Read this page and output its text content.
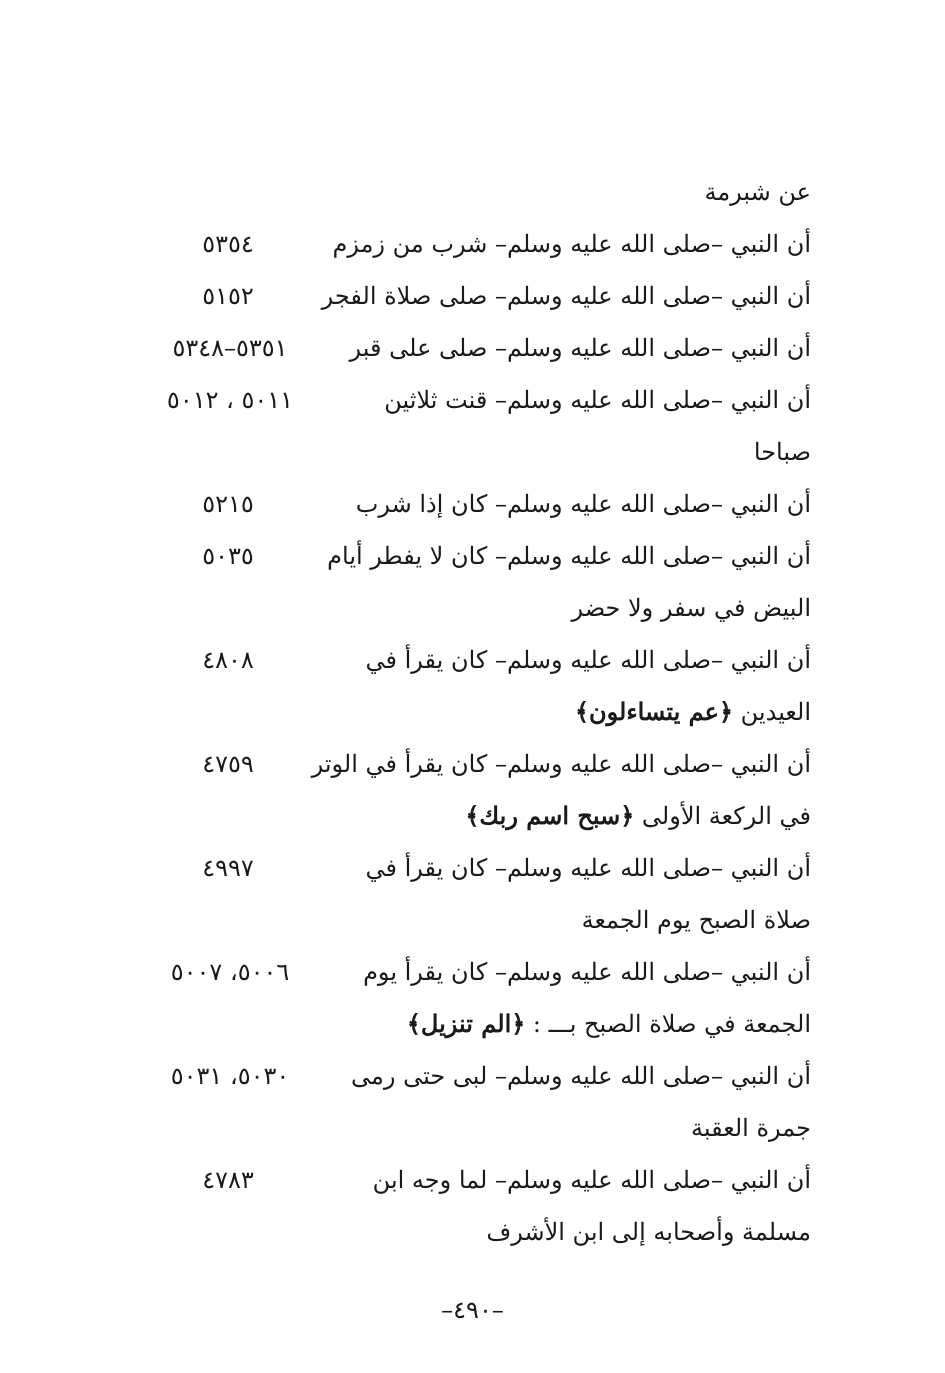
عن شبرمة
أن النبي –صلى الله عليه وسلم– شرب من زمزم
٥٣٥٤
أن النبي –صلى الله عليه وسلم– صلى صلاة الفجر
٥١٥٢
أن النبي –صلى الله عليه وسلم– صلى على قبر
٥٣٥١–٥٣٤٨
أن النبي –صلى الله عليه وسلم– قنت ثلاثين
٥٠١١ ، ٥٠١٢
صباحا
أن النبي –صلى الله عليه وسلم– كان إذا شرب
٥٢١٥
أن النبي –صلى الله عليه وسلم– كان لا يفطر أيام
٥٠٣٥
البيض في سفر ولا حضر
أن النبي –صلى الله عليه وسلم– كان يقرأ في
٤٨٠٨
العيدين ﴿عم يتساءلون﴾
أن النبي –صلى الله عليه وسلم– كان يقرأ في الوتر
٤٧٥٩
في الركعة الأولى ﴿سبح اسم ربك﴾
أن النبي –صلى الله عليه وسلم– كان يقرأ في
٤٩٩٧
صلاة الصبح يوم الجمعة
أن النبي –صلى الله عليه وسلم– كان يقرأ يوم
٥٠٠٦، ٥٠٠٧
الجمعة في صلاة الصبح بـــ : ﴿الم تنزيل﴾
أن النبي –صلى الله عليه وسلم– لبى حتى رمى
٥٠٣٠، ٥٠٣١
جمرة العقبة
أن النبي –صلى الله عليه وسلم– لما وجه ابن
٤٧٨٣
مسلمة وأصحابه إلى ابن الأشرف
–٤٩٠–
